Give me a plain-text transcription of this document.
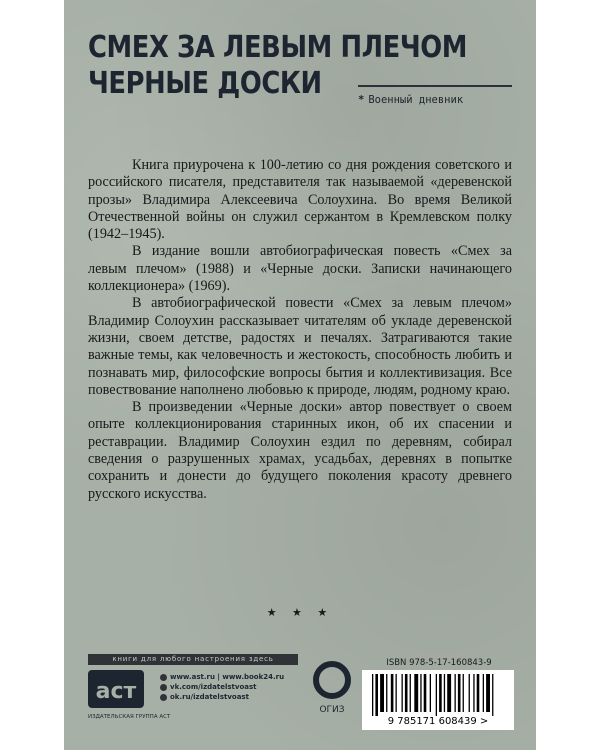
СМЕХ ЗА ЛЕВЫМ ПЛЕЧОМ
ЧЕРНЫЕ ДОСКИ	* Военный дневник

Книга приурочена к 100-летию со дня рождения советского и российского писателя, представителя так называемой «деревенской прозы» Владимира Алексеевича Солоухина. Во время Великой Отечественной войны он служил сержантом в Кремлевском полку (1942–1945).

В издание вошли автобиографическая повесть «Смех за левым плечом» (1988) и «Черные доски. Записки начинающего коллекционера» (1969).

В автобиографической повести «Смех за левым плечом» Владимир Солоухин рассказывает читателям об укладе деревенской жизни, своем детстве, радостях и печалях. Затрагиваются такие важные темы, как человечность и жестокость, способность любить и познавать мир, философские вопросы бытия и коллективизация. Все повествование наполнено любовью к природе, людям, родному краю.

В произведении «Черные доски» автор повествует о своем опыте коллекционирования старинных икон, об их спасении и реставрации. Владимир Солоухин ездил по деревням, собирал сведения о разрушенных храмах, усадьбах, деревнях в попытке сохранить и донести до будущего поколения красоту древнего русского искусства.

★ ★ ★
книги для любого настроения здесь
аст
ИЗДАТЕЛЬСКАЯ ГРУППА АСТ
www.ast.ru | www.book24.ru
vk.com/izdatelstvoast
ok.ru/izdatelstvoast
ОГИЗ
ISBN 978-5-17-160843-9
9 785171 608439 >
